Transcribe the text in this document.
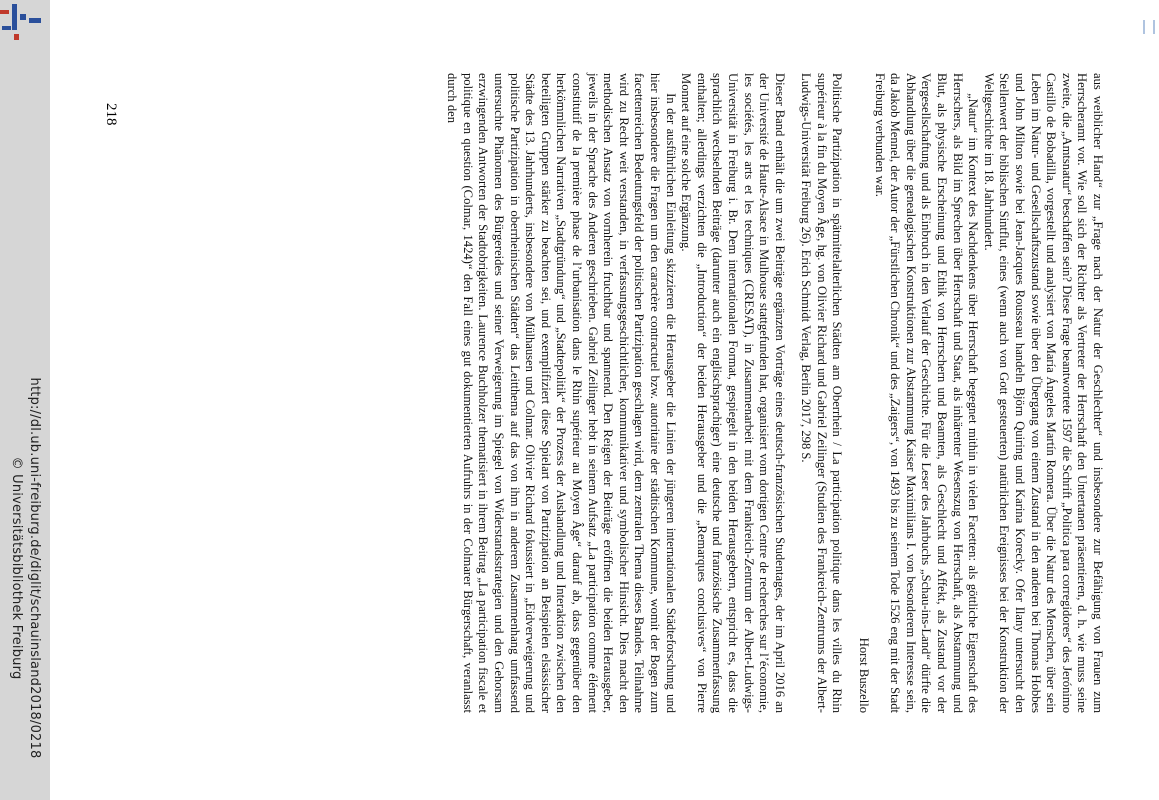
http://dl.ub.uni-freiburg.de/diglit/schauinsland2018/0218
© Universitätsbibliothek Freiburg	aus weiblicher Hand“ zur „Frage nach der Natur der Geschlechter“ und insbesondere zur Befähigung von Frauen zum Herrscheramt vor. Wie soll sich der Richter als Vertreter der Herrschaft den Untertanen präsentieren, d. h. wie muss seine zweite, die „Amtsnatur“ beschaffen sein? Diese Frage beantwortete 1597 die Schrift „Politica para corregidores“ des Jerónimo Castillo de Bobadilla, vorgestellt und analysiert von María Ángeles Martín Romera. Über die Natur des Menschen, über sein Leben im Natur- und Gesellschaftszustand sowie über den Übergang von einem Zustand in den anderen bei Thomas Hobbes und John Milton sowie bei Jean-Jacques Rousseau handeln Björn Quiring und Karina Korecky. Ofer Ilany untersucht den Stellenwert der biblischen Sintflut, eines (wenn auch von Gott gesteuerten) natürlichen Ereignisses bei der Konstruktion der Weltgeschichte im 18. Jahrhundert.

„Natur“ im Kontext des Nachdenkens über Herrschaft begegnet mithin in vielen Facetten: als göttliche Eigenschaft des Herrschers, als Bild im Sprechen über Herrschaft und Staat, als inhärenter Wesenszug von Herrschaft, als Abstammung und Blut, als physische Erscheinung und Ethik von Herrschern und Beamten, als Geschlecht und Affekt, als Zustand vor der Vergesellschaftung und als Einbruch in den Verlauf der Geschichte. Für die Leser des Jahrbuchs „Schau-ins-Land“ dürfte die Abhandlung über die genealogischen Konstruktionen zur Abstammung Kaiser Maximilians I. von besonderem Interesse sein, da Jakob Mennel, der Autor der „Fürstlichen Chronik“ und des „Zaigers“, von 1493 bis zu seinem Tode 1526 eng mit der Stadt Freiburg verbunden war.

Horst Buszello

Politische Partizipation in spätmittelalterlichen Städten am Oberrhein / La participation politique dans les villes du Rhin supérieur à la fin du Moyen Âge, hg. von Olivier Richard und Gabriel Zeilinger (Studien des Frankreich-Zentrums der Albert-Ludwigs-Universität Freiburg 26). Erich Schmidt Verlag, Berlin 2017, 298 S.

Dieser Band enthält die um zwei Beiträge ergänzten Vorträge eines deutsch-französischen Studentages, der im April 2016 an der Université de Haute-Alsace in Mulhouse stattgefunden hat, organisiert vom dortigen Centre de recherches sur l’économie, les sociétés, les arts et les techniques (CRESAT), in Zusammenarbeit mit dem Frankreich-Zentrum der Albert-Ludwigs-Universität in Freiburg i. Br. Dem internationalen Format, gespiegelt in den beiden Herausgebern, entspricht es, dass die sprachlich wechselnden Beiträge (darunter auch ein englischsprachiger) eine deutsche und französische Zusammenfassung enthalten; allerdings verzichten die „Introduction“ der beiden Herausgeber und die „Remarques conclusives“ von Pierre Monnet auf eine solche Ergänzung.

In der ausführlichen Einleitung skizzieren die Herausgeber die Linien der jüngeren internationalen Städteforschung und hier insbesondere die Fragen um den caractère contractuel bzw. autoritaire der städtischen Kommune, womit der Bogen zum facettenreichen Bedeutungsfeld der politischen Partizipation geschlagen wird, dem zentralen Thema dieses Bandes. Teilnahme wird zu Recht weit verstanden, in verfassungsgeschichtlicher, kommunikativer und symbolischer Hinsicht. Dies macht den methodischen Ansatz von vornherein fruchtbar und spannend. Den Reigen der Beiträge eröffnen die beiden Herausgeber, jeweils in der Sprache des Anderen geschrieben. Gabriel Zeilinger hebt in seinem Aufsatz „La participation comme élément constitutif de la première phase de l’urbanisation dans le Rhin supérieur au Moyen Âge“ darauf ab, dass gegenüber den herkömmlichen Narrativen „Stadtgründung“ und „Stadtepolitik“ der Prozess der Aushandlung und Interaktion zwischen den beteiligten Gruppen stärker zu beachten sei, und exemplifiziert diese Spielart von Partizipation an Beispielen elsässischer Städte des 13. Jahrhunderts, insbesondere von Mülhausen und Colmar. Olivier Richard fokussiert in „Eidverweigerung und politische Partizipation in oberrheinischen Städten“ das Leitthema auf das von ihm in anderem Zusammenhang umfassend untersuchte Phänomen des Bürgereides und seiner Verweigerung im Spiegel von Widerstandsstrategien und den Gehorsam erzwingenden Antworten der Stadtobrigkeiten. Laurence Buchholzer thematisiert in ihrem Beitrag „La participation fiscale et politique en question (Colmar, 1424)“ den Fall eines gut dokumentierten Aufruhrs in der Colmarer Bürgerschaft, veranlasst durch den

218
